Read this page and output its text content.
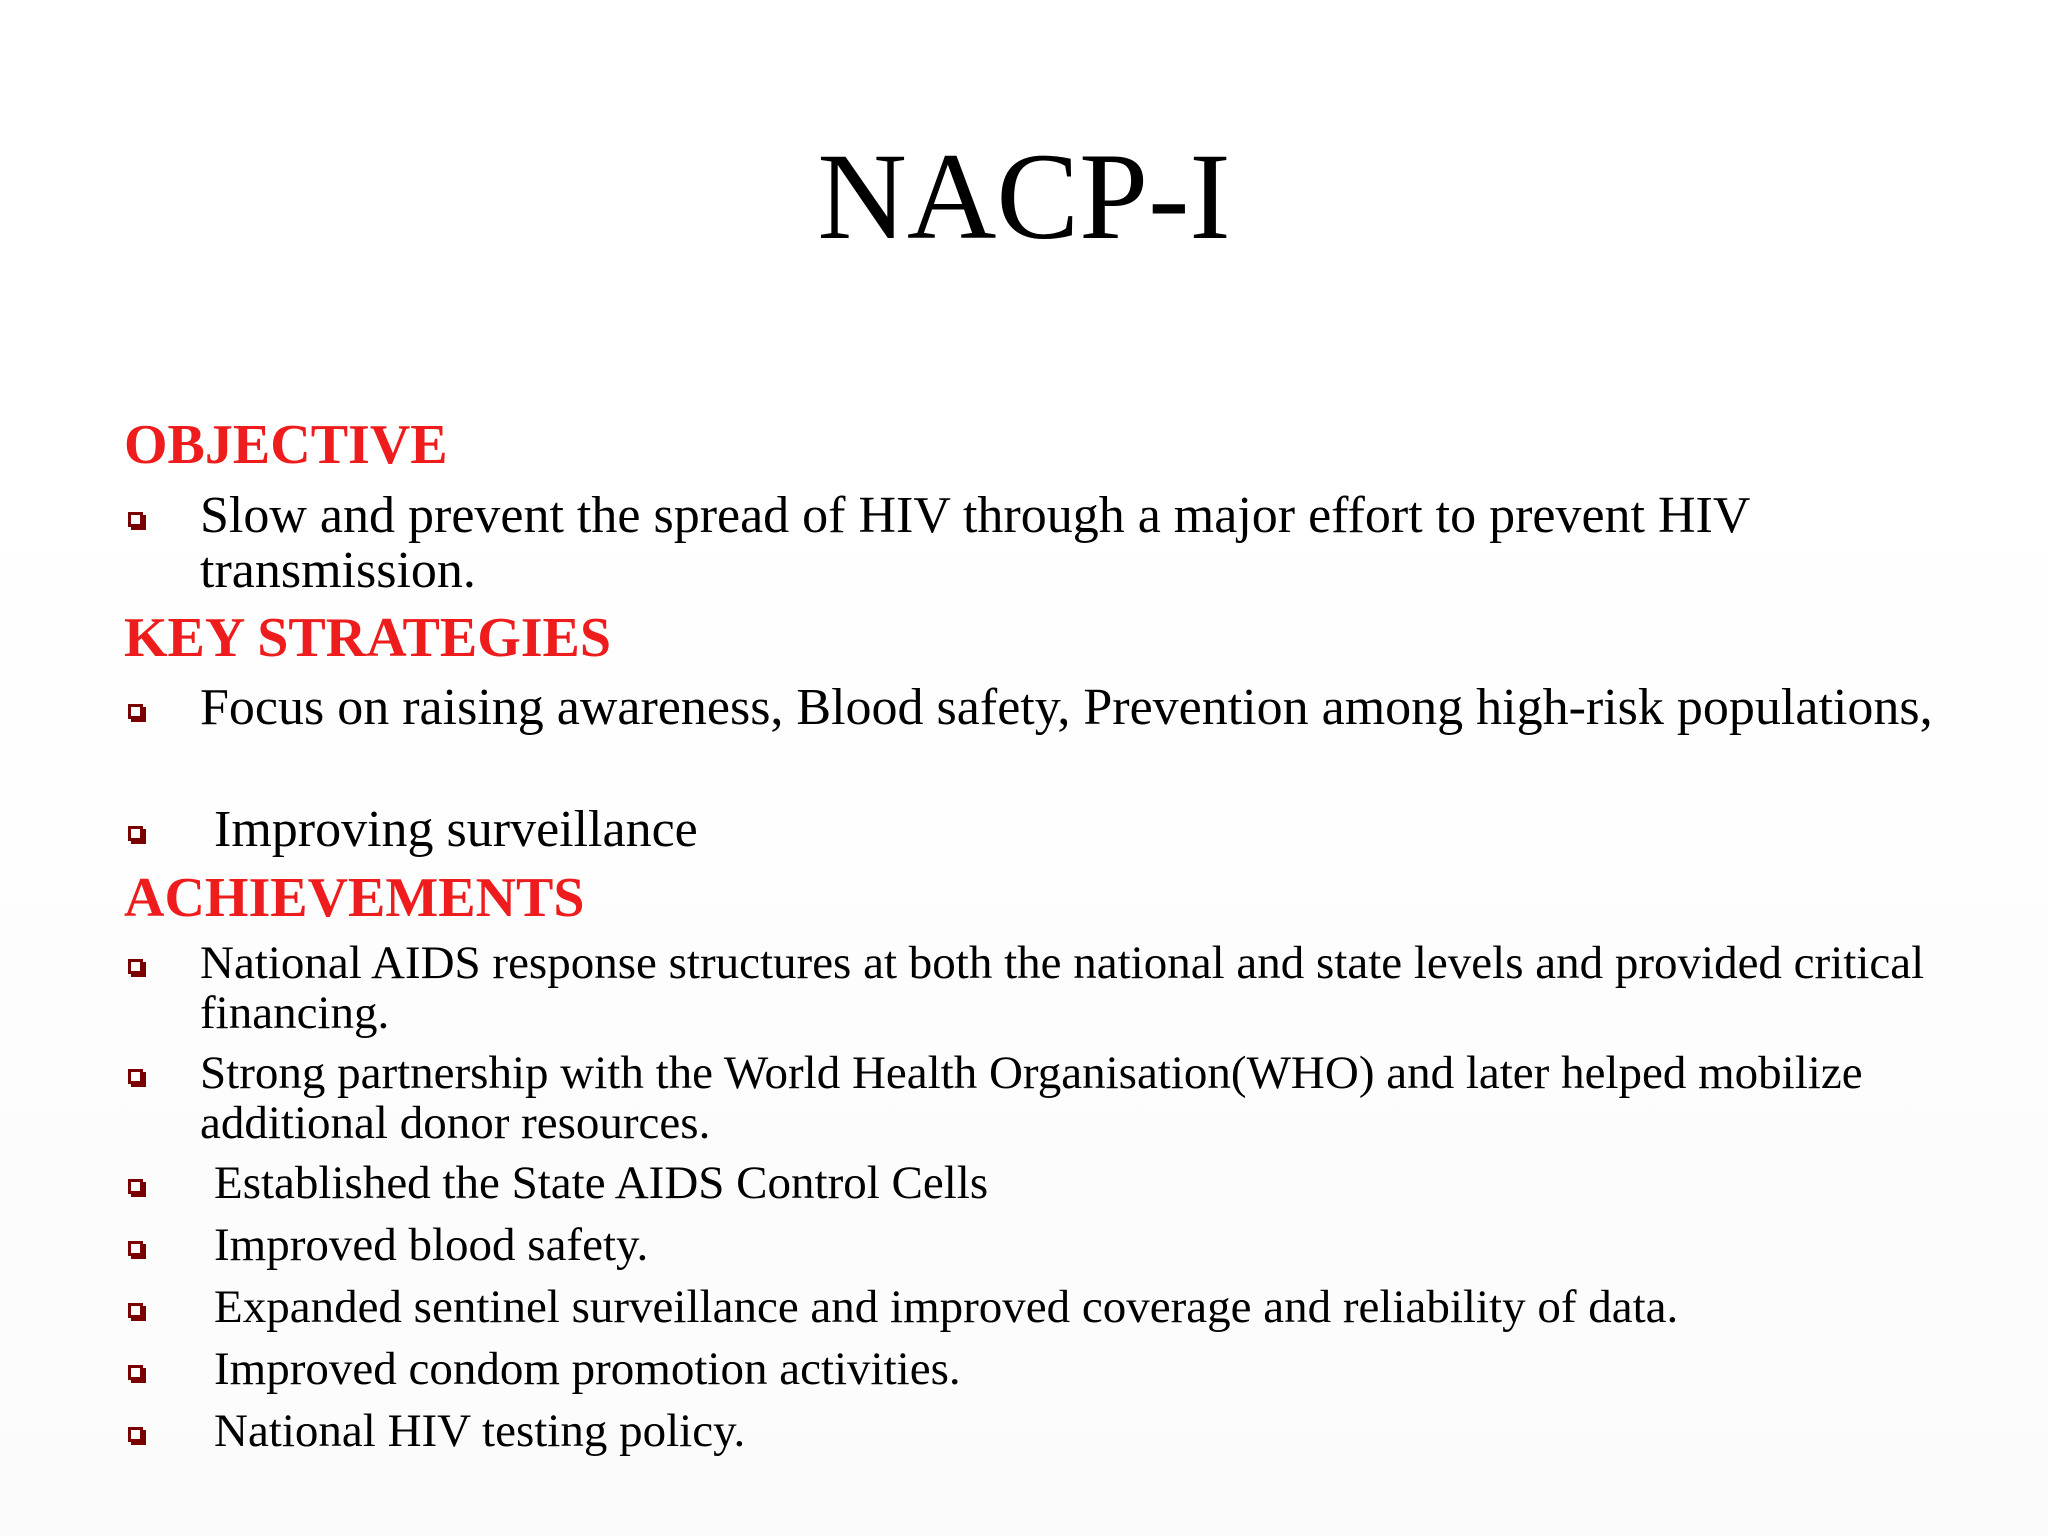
NACP-I
OBJECTIVE
Slow and prevent the spread of HIV through a major effort to prevent HIV transmission.
KEY STRATEGIES
Focus on raising awareness, Blood safety, Prevention among high-risk populations,
Improving surveillance
ACHIEVEMENTS
National AIDS response structures at both the national and state levels and provided critical financing.
Strong partnership with the World Health Organisation(WHO) and later helped mobilize additional donor resources.
Established the State AIDS Control Cells
Improved blood safety.
Expanded sentinel surveillance and improved coverage and reliability of data.
Improved condom promotion activities.
National HIV testing policy.
